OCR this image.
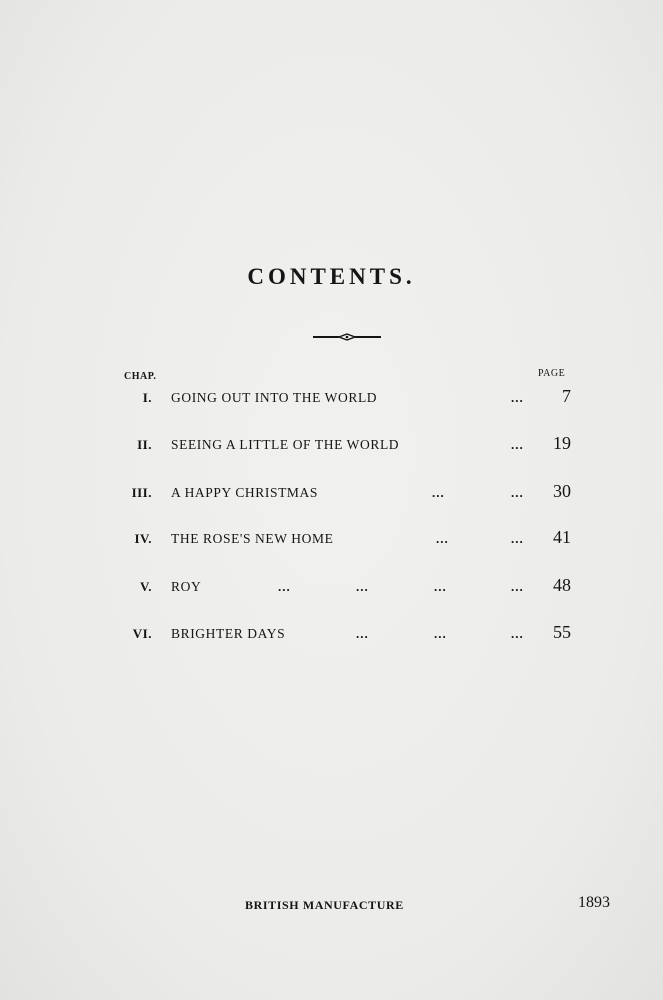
CONTENTS.
CHAP.	PAGE
I. GOING OUT INTO THE WORLD	... 7
II. SEEING A LITTLE OF THE WORLD	... 19
III. A HAPPY CHRISTMAS	...	... 30
IV. THE ROSE'S NEW HOME	...	... 41
V. ROY	...	...	...	... 48
VI. BRIGHTER DAYS	...	...	... 55
BRITISH MANUFACTURE	1893
